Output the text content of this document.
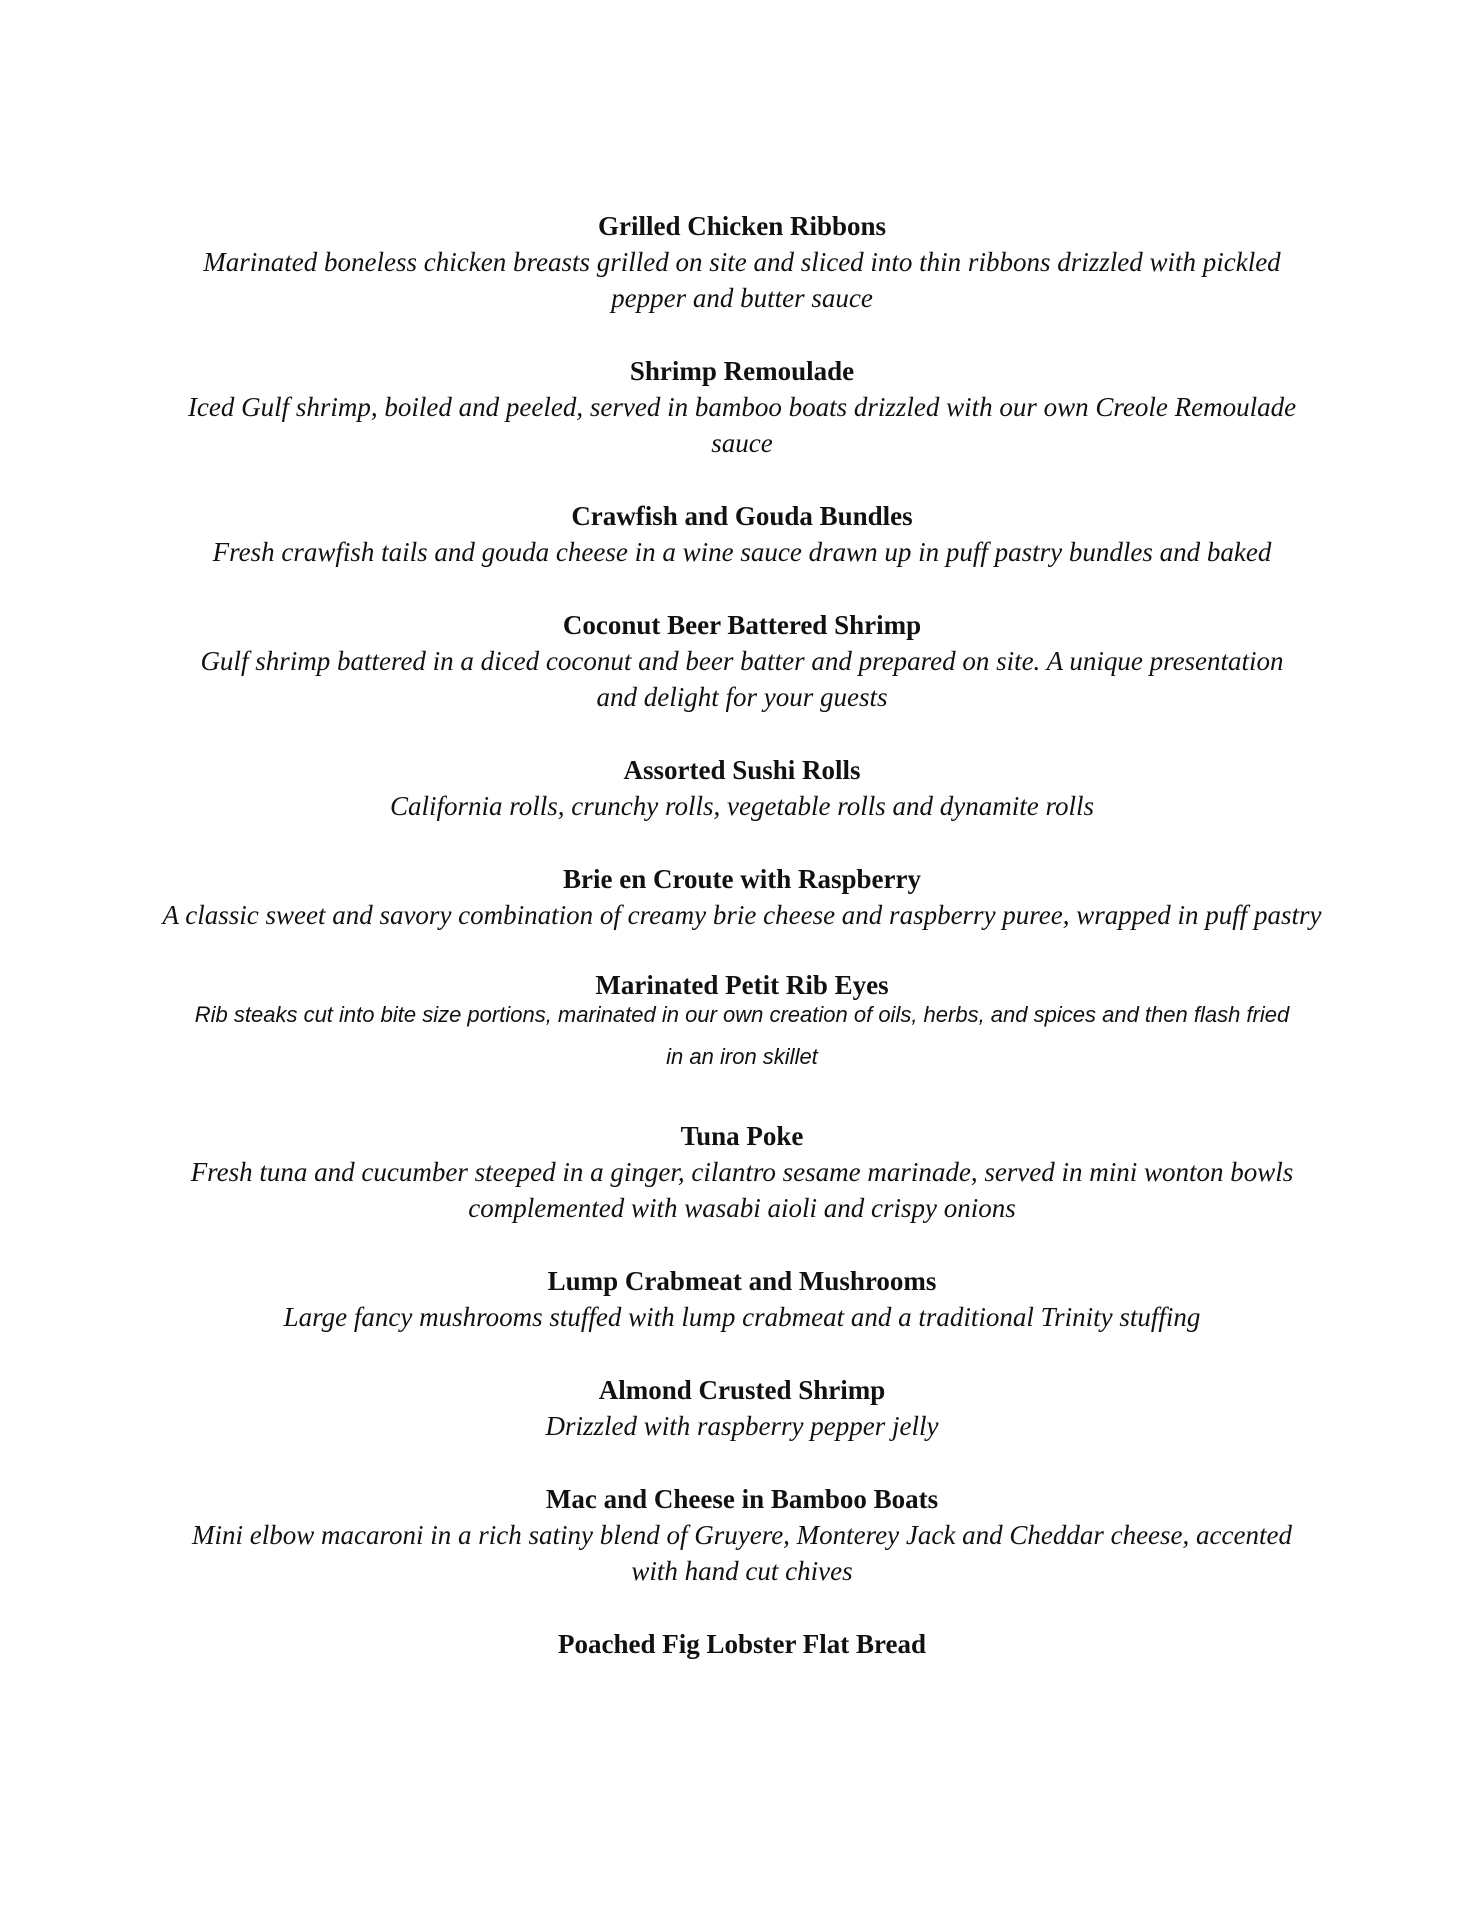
Grilled Chicken Ribbons

Marinated boneless chicken breasts grilled on site and sliced into thin ribbons drizzled with pickled pepper and butter sauce

Shrimp Remoulade

Iced Gulf shrimp, boiled and peeled, served in bamboo boats drizzled with our own Creole Remoulade sauce

Crawfish and Gouda Bundles

Fresh crawfish tails and gouda cheese in a wine sauce drawn up in puff pastry bundles and baked

Coconut Beer Battered Shrimp

Gulf shrimp battered in a diced coconut and beer batter and prepared on site. A unique presentation and delight for your guests

Assorted Sushi Rolls

California rolls, crunchy rolls, vegetable rolls and dynamite rolls

Brie en Croute with Raspberry

A classic sweet and savory combination of creamy brie cheese and raspberry puree, wrapped in puff pastry

Marinated Petit Rib Eyes

Rib steaks cut into bite size portions, marinated in our own creation of oils, herbs, and spices and then flash fried in an iron skillet

Tuna Poke

Fresh tuna and cucumber steeped in a ginger, cilantro sesame marinade, served in mini wonton bowls complemented with wasabi aioli and crispy onions

Lump Crabmeat and Mushrooms

Large fancy mushrooms stuffed with lump crabmeat and a traditional Trinity stuffing

Almond Crusted Shrimp

Drizzled with raspberry pepper jelly

Mac and Cheese in Bamboo Boats

Mini elbow macaroni in a rich satiny blend of Gruyere, Monterey Jack and Cheddar cheese, accented with hand cut chives

Poached Fig Lobster Flat Bread
